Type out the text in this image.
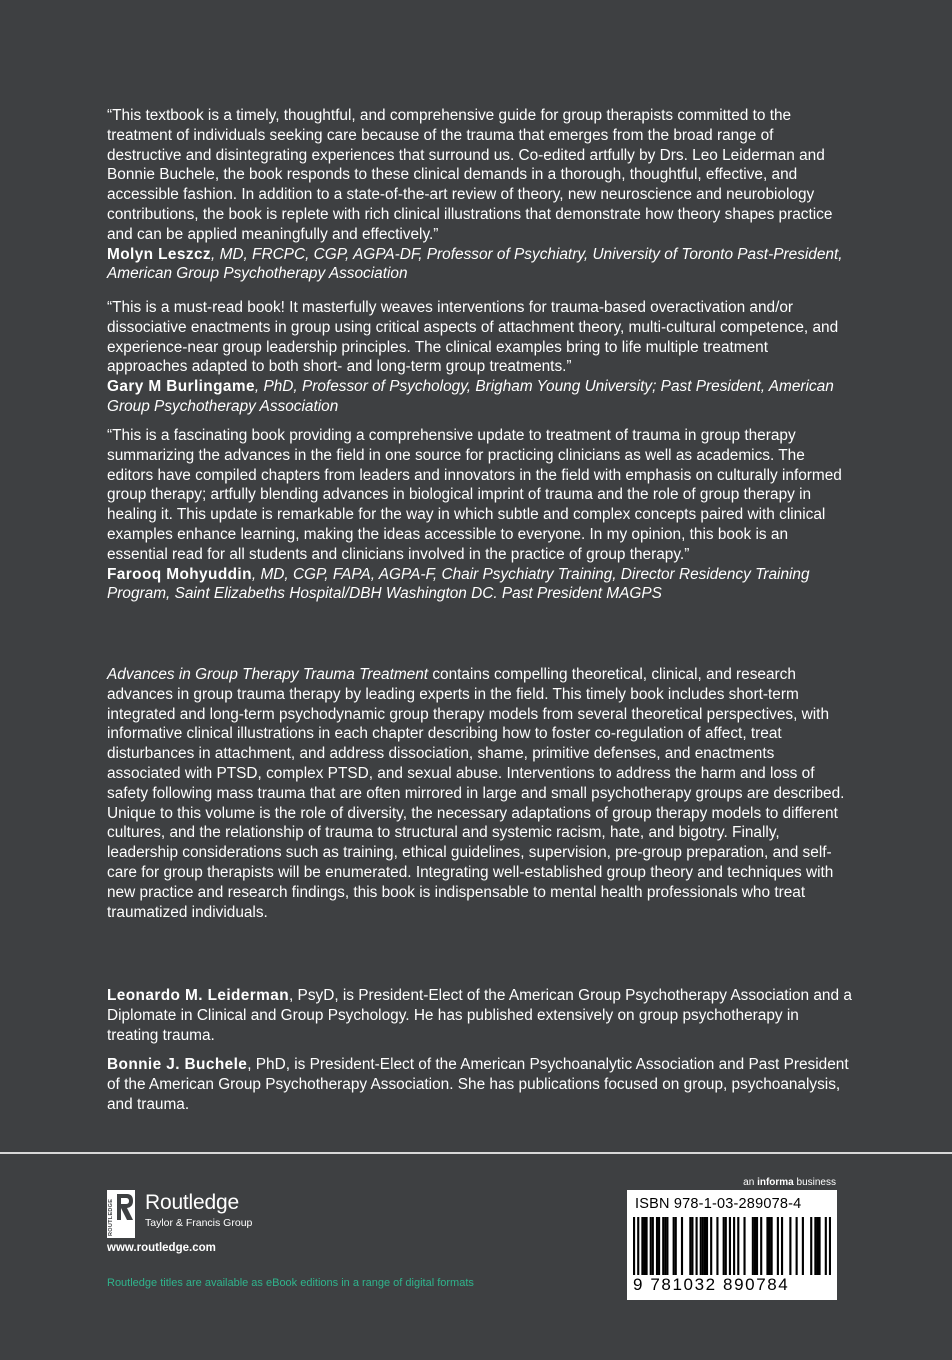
“This textbook is a timely, thoughtful, and comprehensive guide for group therapists committed to the treatment of individuals seeking care because of the trauma that emerges from the broad range of destructive and disintegrating experiences that surround us. Co-edited artfully by Drs. Leo Leiderman and Bonnie Buchele, the book responds to these clinical demands in a thorough, thoughtful, effective, and accessible fashion. In addition to a state-of-the-art review of theory, new neuroscience and neurobiology contributions, the book is replete with rich clinical illustrations that demonstrate how theory shapes practice and can be applied meaningfully and effectively.”

Molyn Leszcz, MD, FRCPC, CGP, AGPA-DF, Professor of Psychiatry, University of Toronto Past-President, American Group Psychotherapy Association

“This is a must-read book! It masterfully weaves interventions for trauma-based overactivation and/or dissociative enactments in group using critical aspects of attachment theory, multi-cultural competence, and experience-near group leadership principles. The clinical examples bring to life multiple treatment approaches adapted to both short- and long-term group treatments.”

Gary M Burlingame, PhD, Professor of Psychology, Brigham Young University; Past President, American Group Psychotherapy Association

“This is a fascinating book providing a comprehensive update to treatment of trauma in group therapy summarizing the advances in the field in one source for practicing clinicians as well as academics. The editors have compiled chapters from leaders and innovators in the field with emphasis on culturally informed group therapy; artfully blending advances in biological imprint of trauma and the role of group therapy in healing it. This update is remarkable for the way in which subtle and complex concepts paired with clinical examples enhance learning, making the ideas accessible to everyone. In my opinion, this book is an essential read for all students and clinicians involved in the practice of group therapy.”

Farooq Mohyuddin, MD, CGP, FAPA, AGPA-F, Chair Psychiatry Training, Director Residency Training Program, Saint Elizabeths Hospital/DBH Washington DC. Past President MAGPS

Advances in Group Therapy Trauma Treatment contains compelling theoretical, clinical, and research advances in group trauma therapy by leading experts in the field. This timely book includes short-term integrated and long-term psychodynamic group therapy models from several theoretical perspectives, with informative clinical illustrations in each chapter describing how to foster co-regulation of affect, treat disturbances in attachment, and address dissociation, shame, primitive defenses, and enactments associated with PTSD, complex PTSD, and sexual abuse. Interventions to address the harm and loss of safety following mass trauma that are often mirrored in large and small psychotherapy groups are described. Unique to this volume is the role of diversity, the necessary adaptations of group therapy models to different cultures, and the relationship of trauma to structural and systemic racism, hate, and bigotry. Finally, leadership considerations such as training, ethical guidelines, supervision, pre-group preparation, and self-care for group therapists will be enumerated. Integrating well-established group theory and techniques with new practice and research findings, this book is indispensable to mental health professionals who treat traumatized individuals.

Leonardo M. Leiderman, PsyD, is President-Elect of the American Group Psychotherapy Association and a Diplomate in Clinical and Group Psychology. He has published extensively on group psychotherapy in treating trauma.

Bonnie J. Buchele, PhD, is President-Elect of the American Psychoanalytic Association and Past President of the American Group Psychotherapy Association. She has publications focused on group, psychoanalysis, and trauma.

ROUTLEDGE Routledge
Taylor & Francis Group
www.routledge.com
Routledge titles are available as eBook editions in a range of digital formats
an informa business
ISBN 978-1-03-289078-4
9 781032 890784
